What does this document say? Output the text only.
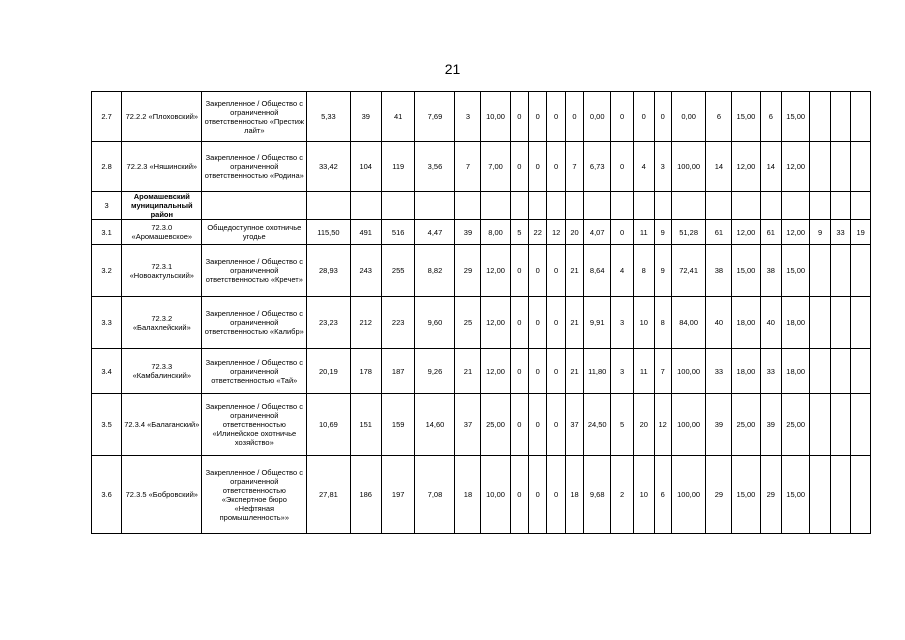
21
2.7	72.2.2 «Плоховский»	Закрепленное / Общество с ограниченной ответственностью «Престиж лайт»	5,33	39	41	7,69	3	10,00	0	0	0	0	0,00	0	0	0	0,00	6	15,00	6	15,00			
2.8	72.2.3 «Няшинский»	Закрепленное / Общество с ограниченной ответственностью «Родина»	33,42	104	119	3,56	7	7,00	0	0	0	7	6,73	0	4	3	100,00	14	12,00	14	12,00			
3	Аромашевский муниципальный район																							
3.1	72.3.0 «Аромашевское»	Общедоступное охотничье угодье	115,50	491	516	4,47	39	8,00	5	22	12	20	4,07	0	11	9	51,28	61	12,00	61	12,00	9	33	19
3.2	72.3.1 «Новоактульский»	Закрепленное / Общество с ограниченной ответственностью «Кречет»	28,93	243	255	8,82	29	12,00	0	0	0	21	8,64	4	8	9	72,41	38	15,00	38	15,00			
3.3	72.3.2 «Балахлейский»	Закрепленное / Общество с ограниченной ответственностью «Калибр»	23,23	212	223	9,60	25	12,00	0	0	0	21	9,91	3	10	8	84,00	40	18,00	40	18,00			
3.4	72.3.3 «Камбалинский»	Закрепленное / Общество с ограниченной ответственностью «Тай»	20,19	178	187	9,26	21	12,00	0	0	0	21	11,80	3	11	7	100,00	33	18,00	33	18,00			
3.5	72.3.4 «Балаганский»	Закрепленное / Общество с ограниченной ответственностью «Илинейское охотничье хозяйство»	10,69	151	159	14,60	37	25,00	0	0	0	37	24,50	5	20	12	100,00	39	25,00	39	25,00			
3.6	72.3.5 «Бобровский»	Закрепленное / Общество с ограниченной ответственностью «Экспертное бюро «Нефтяная промышленность»»	27,81	186	197	7,08	18	10,00	0	0	0	18	9,68	2	10	6	100,00	29	15,00	29	15,00			
